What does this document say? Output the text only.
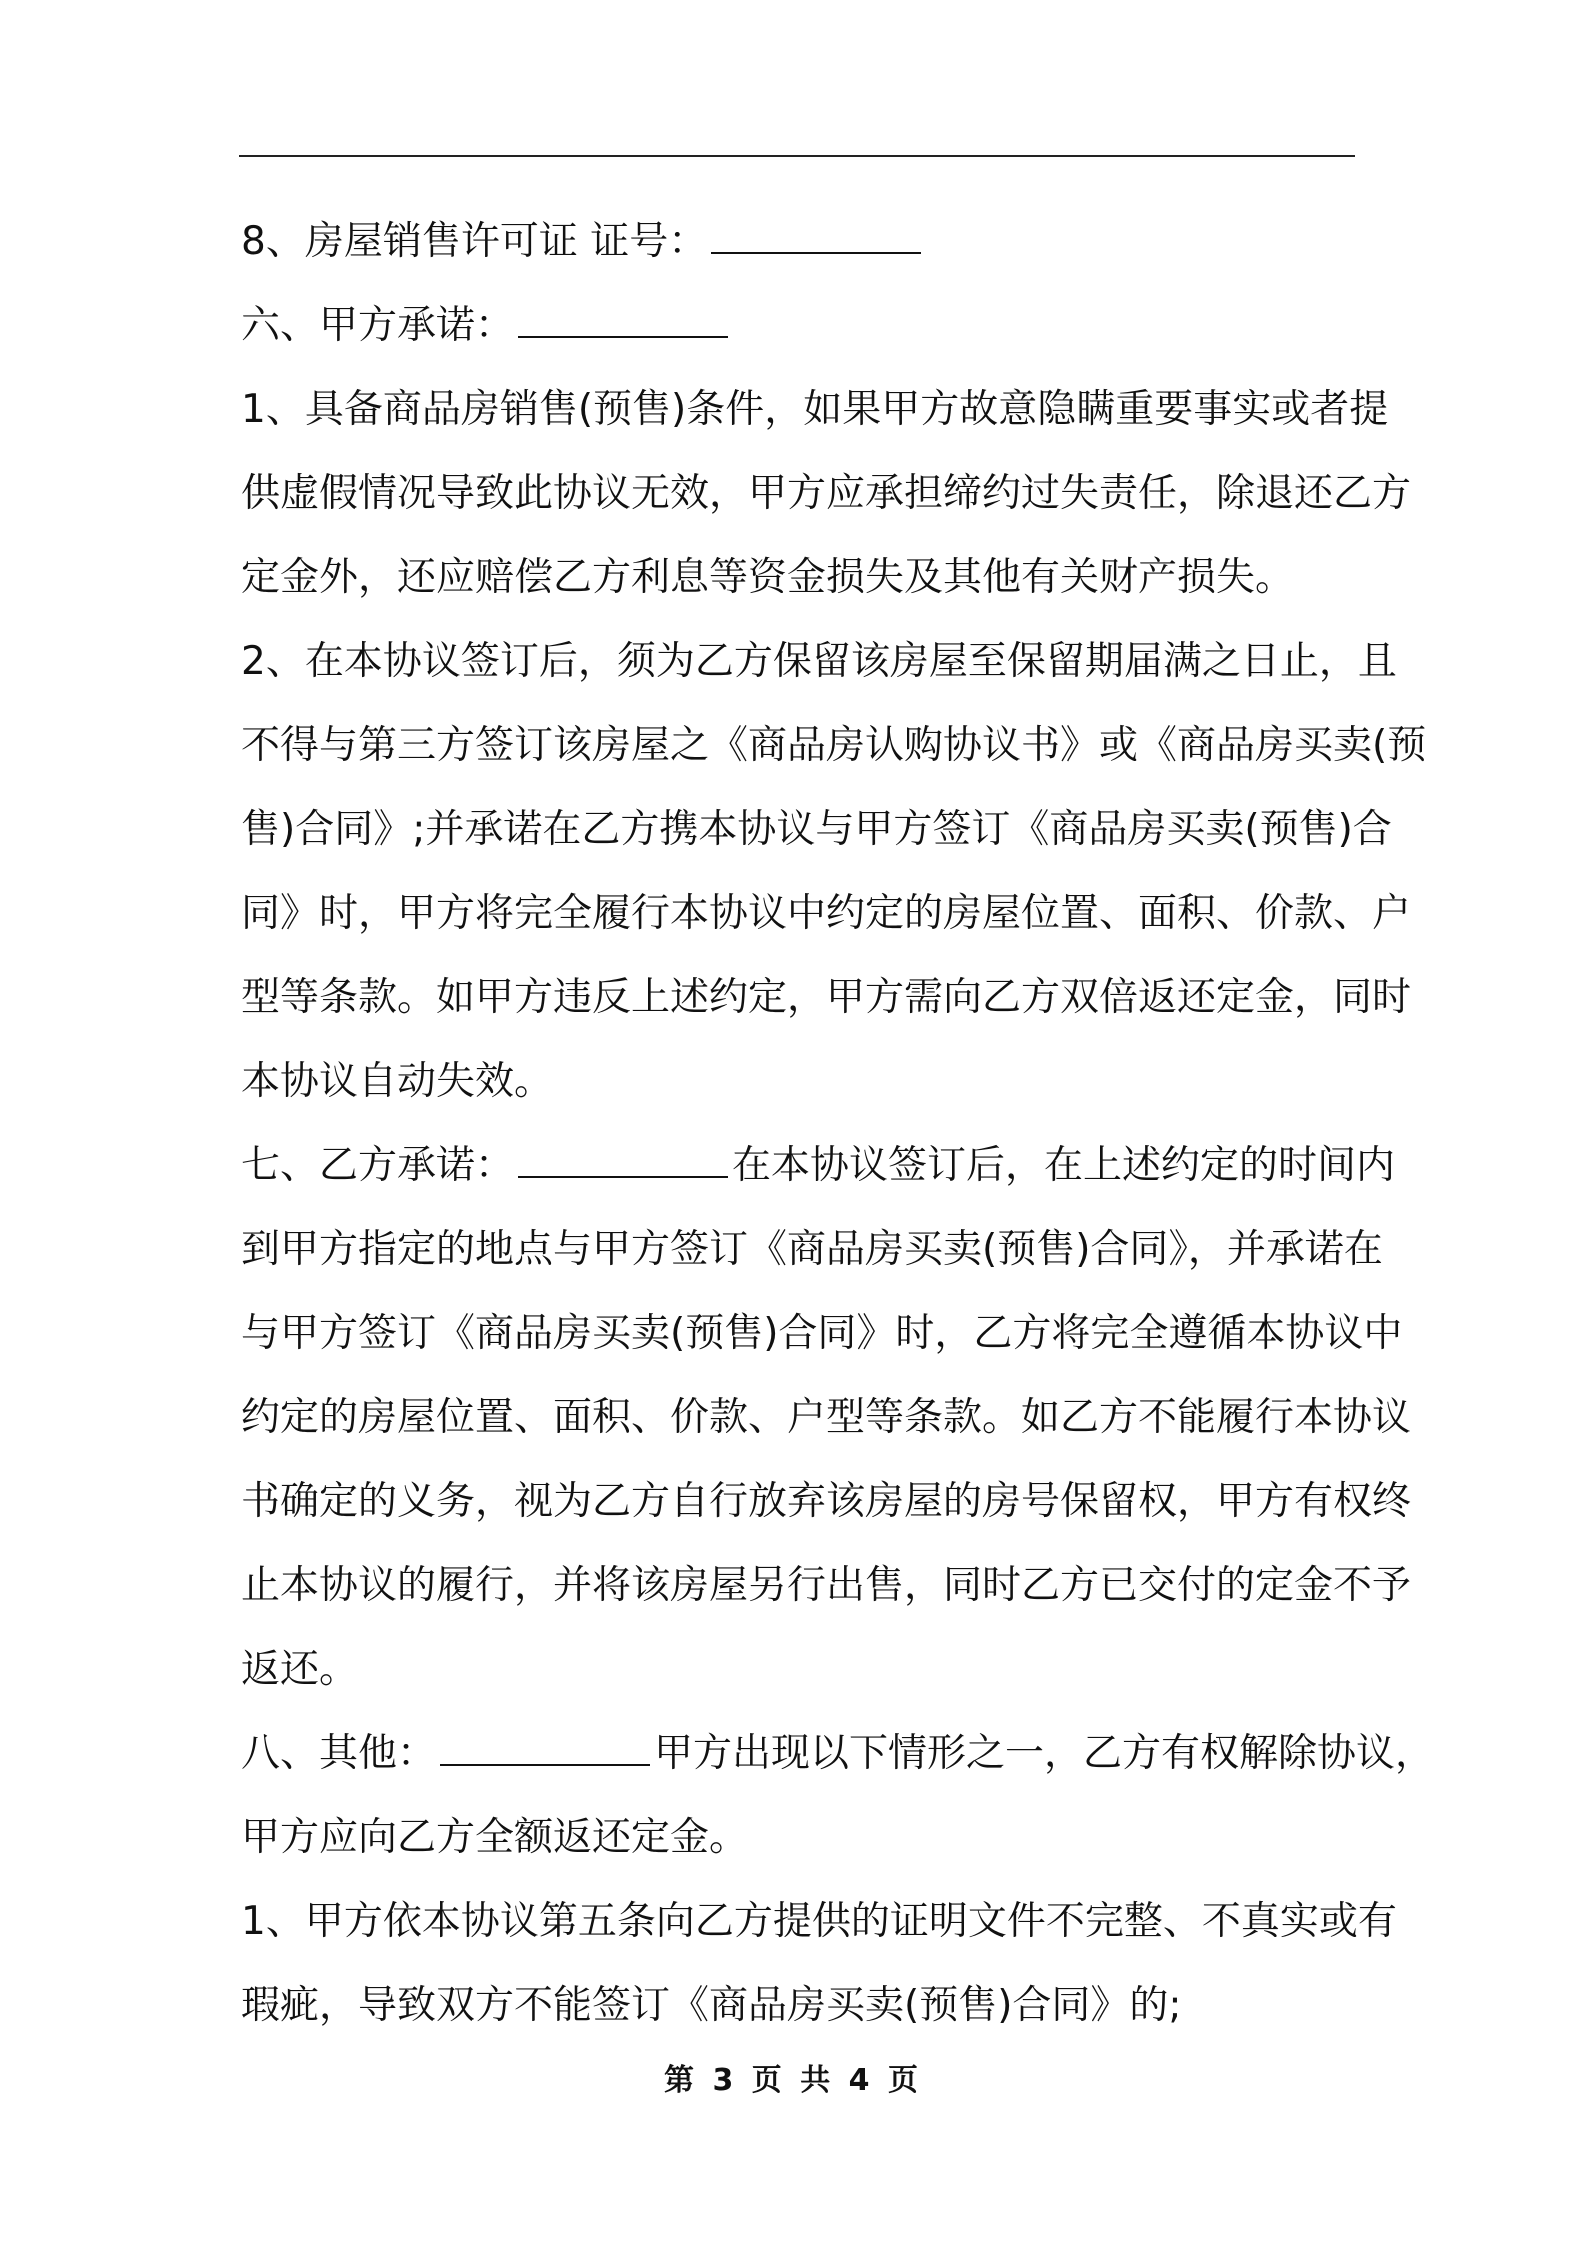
8、房屋销售许可证 证号：
六、甲方承诺：
1、具备商品房销售(预售)条件，如果甲方故意隐瞒重要事实或者提
供虚假情况导致此协议无效，甲方应承担缔约过失责任，除退还乙方
定金外，还应赔偿乙方利息等资金损失及其他有关财产损失。
2、在本协议签订后，须为乙方保留该房屋至保留期届满之日止，且
不得与第三方签订该房屋之《商品房认购协议书》或《商品房买卖(预
售)合同》;并承诺在乙方携本协议与甲方签订《商品房买卖(预售)合
同》时，甲方将完全履行本协议中约定的房屋位置、面积、价款、户
型等条款。如甲方违反上述约定，甲方需向乙方双倍返还定金，同时
本协议自动失效。
七、乙方承诺：	在本协议签订后，在上述约定的时间内
到甲方指定的地点与甲方签订《商品房买卖(预售)合同》，并承诺在
与甲方签订《商品房买卖(预售)合同》时，乙方将完全遵循本协议中
约定的房屋位置、面积、价款、户型等条款。如乙方不能履行本协议
书确定的义务，视为乙方自行放弃该房屋的房号保留权，甲方有权终
止本协议的履行，并将该房屋另行出售，同时乙方已交付的定金不予
返还。
八、其他：	甲方出现以下情形之一，乙方有权解除协议，
甲方应向乙方全额返还定金。
1、甲方依本协议第五条向乙方提供的证明文件不完整、不真实或有
瑕疵，导致双方不能签订《商品房买卖(预售)合同》的;
第 3 页 共 4 页
